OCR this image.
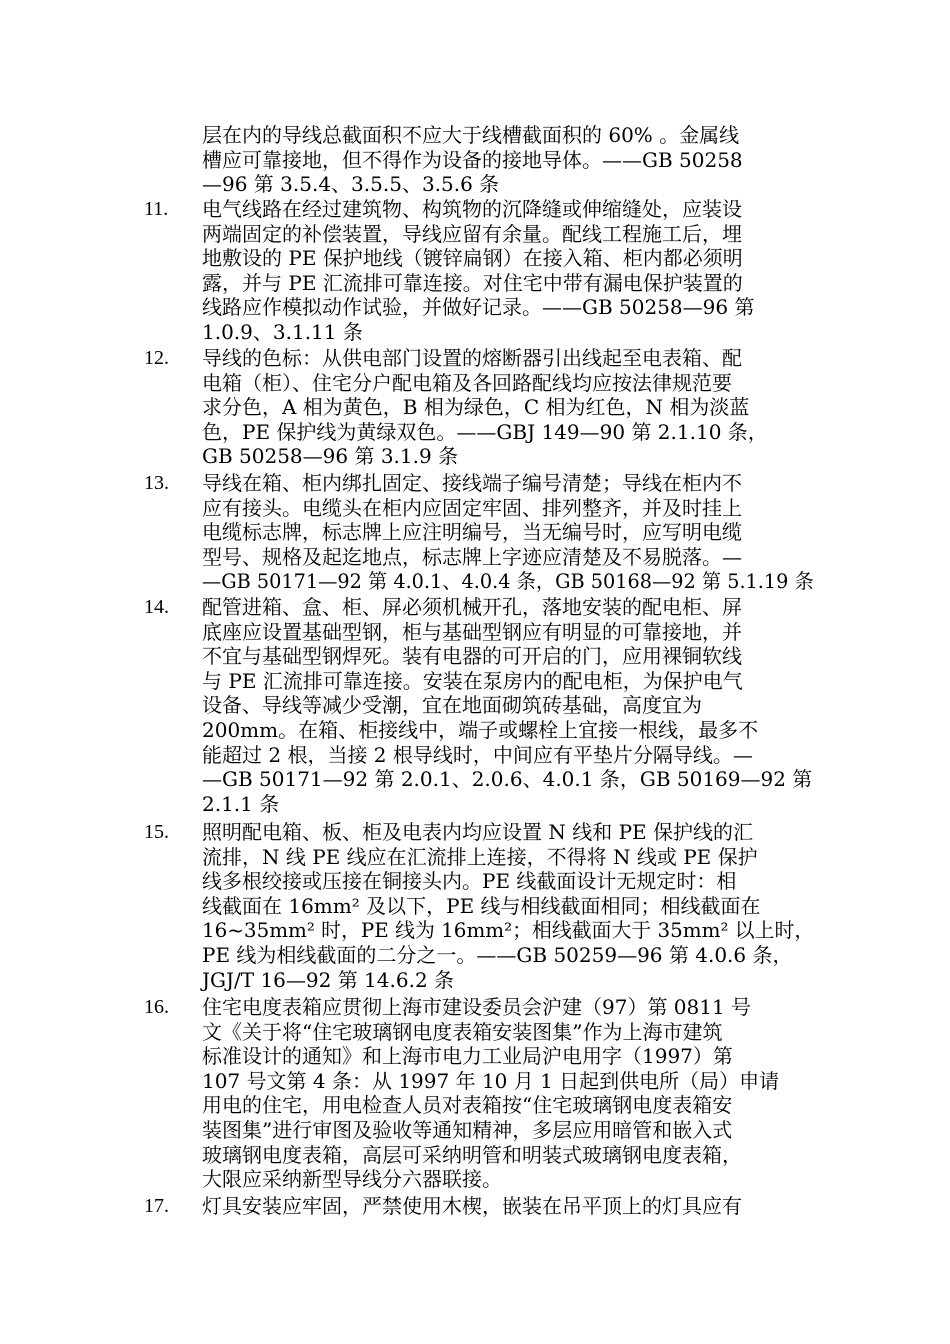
层在内的导线总截面积不应大于线槽截面积的 60% 。金属线
槽应可靠接地，但不得作为设备的接地导体。——GB 50258
—96 第 3.5.4、3.5.5、3.5.6 条
11. 电气线路在经过建筑物、构筑物的沉降缝或伸缩缝处，应装设
两端固定的补偿装置，导线应留有余量。配线工程施工后，埋
地敷设的 PE 保护地线（镀锌扁钢）在接入箱、柜内都必须明
露，并与 PE 汇流排可靠连接。对住宅中带有漏电保护装置的
线路应作模拟动作试验，并做好记录。——GB 50258—96 第
1.0.9、3.1.11 条
12. 导线的色标：从供电部门设置的熔断器引出线起至电表箱、配
电箱（柜）、住宅分户配电箱及各回路配线均应按法律规范要
求分色，A 相为黄色，B 相为绿色，C 相为红色，N 相为淡蓝
色，PE 保护线为黄绿双色。——GBJ 149—90 第 2.1.10 条，
GB 50258—96 第 3.1.9 条
13. 导线在箱、柜内绑扎固定、接线端子编号清楚；导线在柜内不
应有接头。电缆头在柜内应固定牢固、排列整齐，并及时挂上
电缆标志牌，标志牌上应注明编号，当无编号时，应写明电缆
型号、规格及起迄地点，标志牌上字迹应清楚及不易脱落。—
—GB 50171—92 第 4.0.1、4.0.4 条，GB 50168—92 第 5.1.19 条
14. 配管进箱、盒、柜、屏必须机械开孔，落地安装的配电柜、屏
底座应设置基础型钢，柜与基础型钢应有明显的可靠接地，并
不宜与基础型钢焊死。装有电器的可开启的门，应用裸铜软线
与 PE 汇流排可靠连接。安装在泵房内的配电柜，为保护电气
设备、导线等减少受潮，宜在地面砌筑砖基础，高度宜为
200mm。在箱、柜接线中，端子或螺栓上宜接一根线，最多不
能超过 2 根，当接 2 根导线时，中间应有平垫片分隔导线。—
—GB 50171—92 第 2.0.1、2.0.6、4.0.1 条，GB 50169—92 第
2.1.1 条
15. 照明配电箱、板、柜及电表内均应设置 N 线和 PE 保护线的汇
流排，N 线 PE 线应在汇流排上连接，不得将 N 线或 PE 保护
线多根绞接或压接在铜接头内。PE 线截面设计无规定时：相
线截面在 16mm² 及以下，PE 线与相线截面相同；相线截面在
16~35mm² 时，PE 线为 16mm²；相线截面大于 35mm² 以上时，
PE 线为相线截面的二分之一。——GB 50259—96 第 4.0.6 条，
JGJ/T 16—92 第 14.6.2 条
16. 住宅电度表箱应贯彻上海市建设委员会沪建（97）第 0811 号
文《关于将“住宅玻璃钢电度表箱安装图集”作为上海市建筑
标准设计的通知》和上海市电力工业局沪电用字（1997）第
107 号文第 4 条：从 1997 年 10 月 1 日起到供电所（局）申请
用电的住宅，用电检查人员对表箱按“住宅玻璃钢电度表箱安
装图集”进行审图及验收等通知精神，多层应用暗管和嵌入式
玻璃钢电度表箱，高层可采纳明管和明装式玻璃钢电度表箱，
大限应采纳新型导线分六器联接。
17. 灯具安装应牢固，严禁使用木楔，嵌装在吊平顶上的灯具应有
